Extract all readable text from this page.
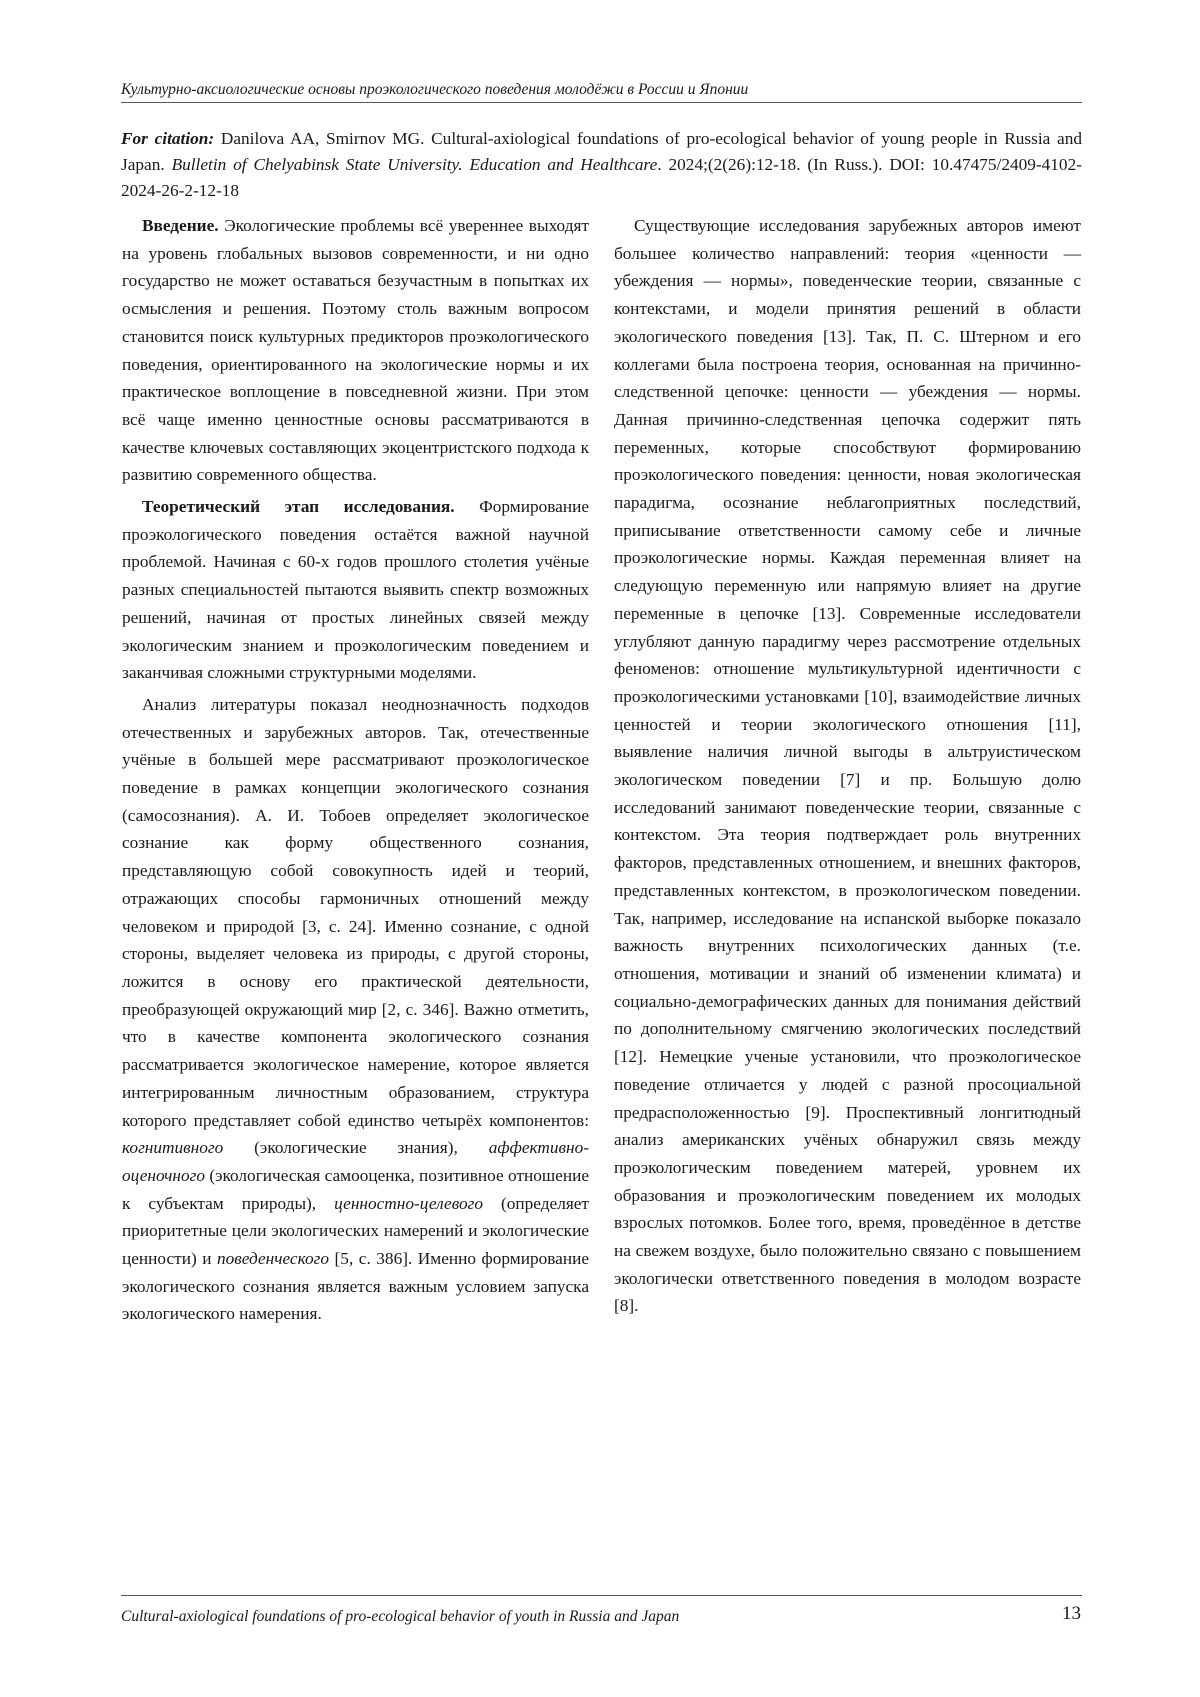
Культурно-аксиологические основы проэкологического поведения молодёжи в России и Японии
For citation: Danilova AA, Smirnov MG. Cultural-axiological foundations of pro-ecological behavior of young people in Russia and Japan. Bulletin of Chelyabinsk State University. Education and Healthcare. 2024;(2(26):12-18. (In Russ.). DOI: 10.47475/2409-4102-2024-26-2-12-18

Введение. Экологические проблемы всё увереннее выходят на уровень глобальных вызовов современности, и ни одно государство не может оставаться безучастным в попытках их осмысления и решения. Поэтому столь важным вопросом становится поиск культурных предикторов проэкологического поведения, ориентированного на экологические нормы и их практическое воплощение в повседневной жизни. При этом всё чаще именно ценностные основы рассматриваются в качестве ключевых составляющих экоцентристского подхода к развитию современного общества.

Теоретический этап исследования. Формирование проэкологического поведения остаётся важной научной проблемой. Начиная с 60-х годов прошлого столетия учёные разных специальностей пытаются выявить спектр возможных решений, начиная от простых линейных связей между экологическим знанием и проэкологическим поведением и заканчивая сложными структурными моделями.

Анализ литературы показал неоднозначность подходов отечественных и зарубежных авторов. Так, отечественные учёные в большей мере рассматривают проэкологическое поведение в рамках концепции экологического сознания (самосознания). А. И. Тобоев определяет экологическое сознание как форму общественного сознания, представляющую собой совокупность идей и теорий, отражающих способы гармоничных отношений между человеком и природой [3, с. 24]. Именно сознание, с одной стороны, выделяет человека из природы, с другой стороны, ложится в основу его практической деятельности, преобразующей окружающий мир [2, с. 346]. Важно отметить, что в качестве компонента экологического сознания рассматривается экологическое намерение, которое является интегрированным личностным образованием, структура которого представляет собой единство четырёх компонентов: когнитивного (экологические знания), аффективно-оценочного (экологическая самооценка, позитивное отношение к субъектам природы), ценностно-целевого (определяет приоритетные цели экологических намерений и экологические ценности) и поведенческого [5, с. 386]. Именно формирование экологического сознания является важным условием запуска экологического намерения.

Существующие исследования зарубежных авторов имеют большее количество направлений: теория «ценности — убеждения — нормы», поведенческие теории, связанные с контекстами, и модели принятия решений в области экологического поведения [13]. Так, П. С. Штерном и его коллегами была построена теория, основанная на причинно-следственной цепочке: ценности — убеждения — нормы. Данная причинно-следственная цепочка содержит пять переменных, которые способствуют формированию проэкологического поведения: ценности, новая экологическая парадигма, осознание неблагоприятных последствий, приписывание ответственности самому себе и личные проэкологические нормы. Каждая переменная влияет на следующую переменную или напрямую влияет на другие переменные в цепочке [13]. Современные исследователи углубляют данную парадигму через рассмотрение отдельных феноменов: отношение мультикультурной идентичности с проэкологическими установками [10], взаимодействие личных ценностей и теории экологического отношения [11], выявление наличия личной выгоды в альтруистическом экологическом поведении [7] и пр. Большую долю исследований занимают поведенческие теории, связанные с контекстом. Эта теория подтверждает роль внутренних факторов, представленных отношением, и внешних факторов, представленных контекстом, в проэкологическом поведении. Так, например, исследование на испанской выборке показало важность внутренних психологических данных (т.е. отношения, мотивации и знаний об изменении климата) и социально-демографических данных для понимания действий по дополнительному смягчению экологических последствий [12]. Немецкие ученые установили, что проэкологическое поведение отличается у людей с разной просоциальной предрасположенностью [9]. Проспективный лонгитюдный анализ американских учёных обнаружил связь между проэкологическим поведением матерей, уровнем их образования и проэкологическим поведением их молодых взрослых потомков. Более того, время, проведённое в детстве на свежем воздухе, было положительно связано с повышением экологически ответственного поведения в молодом возрасте [8].

Cultural-axiological foundations of pro-ecological behavior of youth in Russia and Japan	13
